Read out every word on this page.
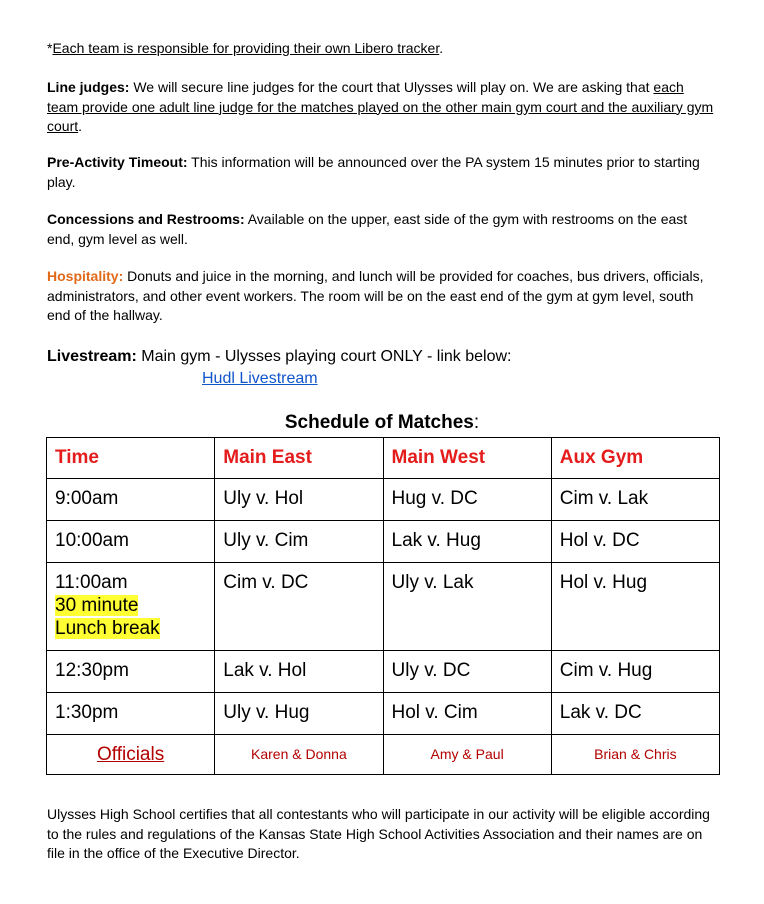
*Each team is responsible for providing their own Libero tracker.

Line judges: We will secure line judges for the court that Ulysses will play on. We are asking that each team provide one adult line judge for the matches played on the other main gym court and the auxiliary gym court.

Pre-Activity Timeout: This information will be announced over the PA system 15 minutes prior to starting play.

Concessions and Restrooms: Available on the upper, east side of the gym with restrooms on the east end, gym level as well.

Hospitality: Donuts and juice in the morning, and lunch will be provided for coaches, bus drivers, officials, administrators, and other event workers. The room will be on the east end of the gym at gym level, south end of the hallway.

Livestream: Main gym - Ulysses playing court ONLY - link below:

Hudl Livestream
Schedule of Matches:
Time	Main East	Main West	Aux Gym
9:00am	Uly v. Hol	Hug v. DC	Cim v. Lak
10:00am	Uly v. Cim	Lak v. Hug	Hol v. DC

11:00am
30 minute
Lunch break	Cim v. DC	Uly v. Lak	Hol v. Hug
12:30pm	Lak v. Hol	Uly v. DC	Cim v. Hug
1:30pm	Uly v. Hug	Hol v. Cim	Lak v. DC
Officials	Karen & Donna	Amy & Paul	Brian & Chris

Ulysses High School certifies that all contestants who will participate in our activity will be eligible according to the rules and regulations of the Kansas State High School Activities Association and their names are on file in the office of the Executive Director.
